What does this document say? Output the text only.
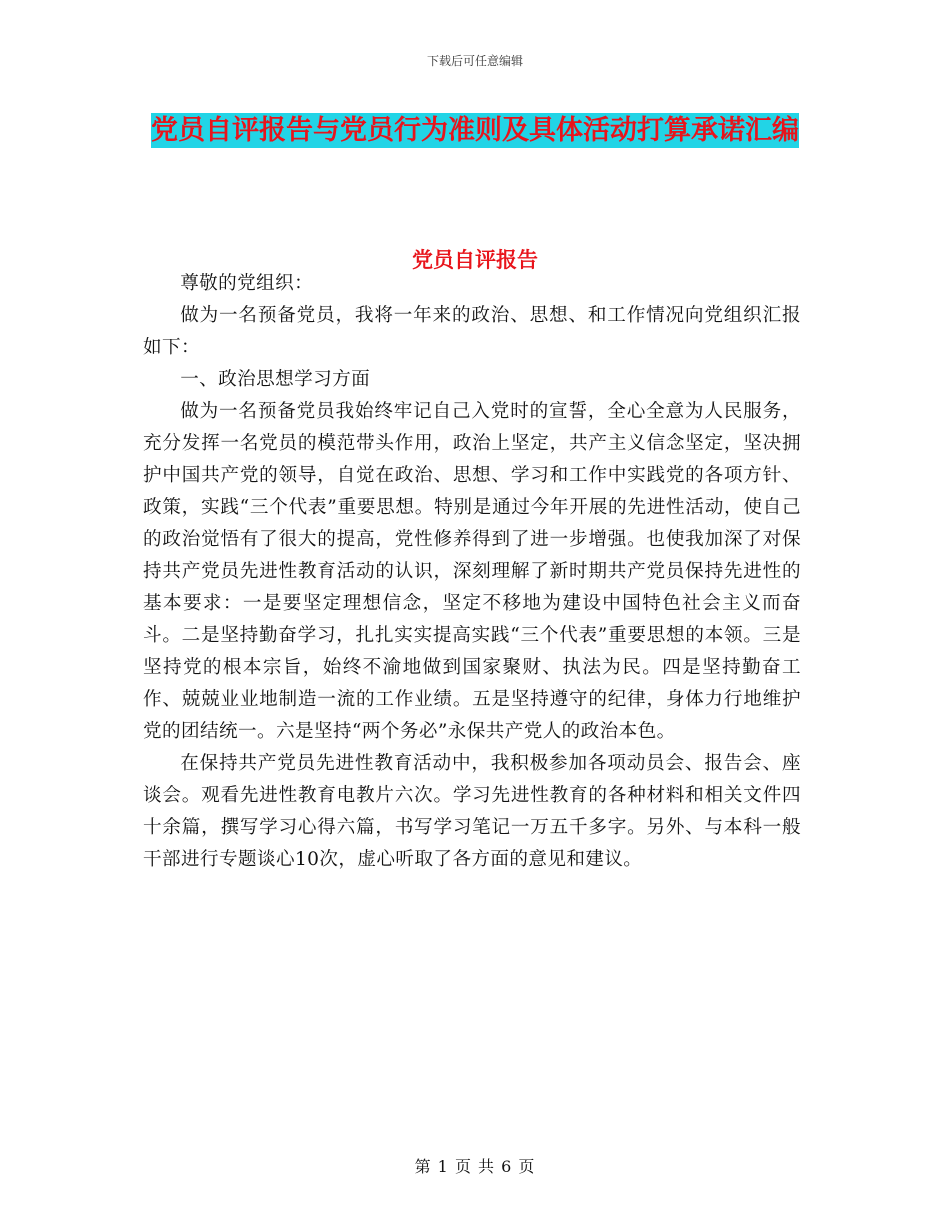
下载后可任意编辑
党员自评报告与党员行为准则及具体活动打算承诺汇编
党员自评报告

尊敬的党组织：

做为一名预备党员，我将一年来的政治、思想、和工作情况向党组织汇报如下：

一、政治思想学习方面

做为一名预备党员我始终牢记自己入党时的宣誓，全心全意为人民服务，充分发挥一名党员的模范带头作用，政治上坚定，共产主义信念坚定，坚决拥护中国共产党的领导，自觉在政治、思想、学习和工作中实践党的各项方针、政策，实践“三个代表”重要思想。特别是通过今年开展的先进性活动，使自己的政治觉悟有了很大的提高，党性修养得到了进一步增强。也使我加深了对保持共产党员先进性教育活动的认识，深刻理解了新时期共产党员保持先进性的基本要求：一是要坚定理想信念，坚定不移地为建设中国特色社会主义而奋斗。二是坚持勤奋学习，扎扎实实提高实践“三个代表”重要思想的本领。三是坚持党的根本宗旨，始终不渝地做到国家聚财、执法为民。四是坚持勤奋工作、兢兢业业地制造一流的工作业绩。五是坚持遵守的纪律，身体力行地维护党的团结统一。六是坚持“两个务必”永保共产党人的政治本色。

在保持共产党员先进性教育活动中，我积极参加各项动员会、报告会、座谈会。观看先进性教育电教片六次。学习先进性教育的各种材料和相关文件四十余篇，撰写学习心得六篇，书写学习笔记一万五千多字。另外、与本科一般干部进行专题谈心10次，虚心听取了各方面的意见和建议。

第 1 页 共 6 页
